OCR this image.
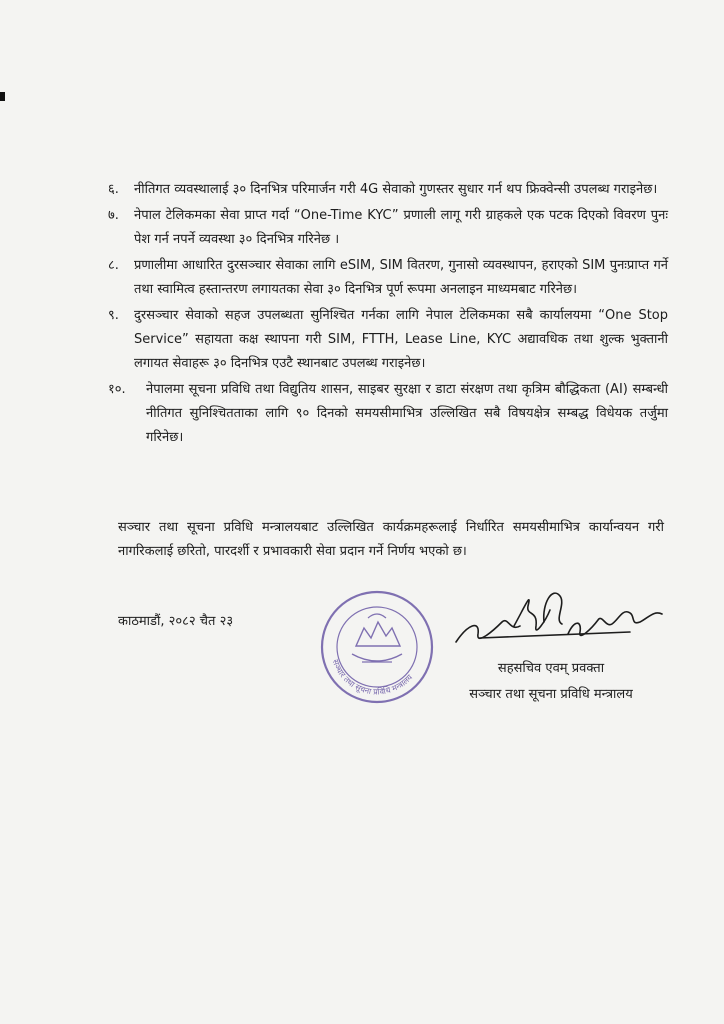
६. नीतिगत व्यवस्थालाई ३० दिनभित्र परिमार्जन गरी 4G सेवाको गुणस्तर सुधार गर्न थप फ्रिक्वेन्सी उपलब्ध गराइनेछ।
७. नेपाल टेलिकमका सेवा प्राप्त गर्दा “One-Time KYC” प्रणाली लागू गरी ग्राहकले एक पटक दिएको विवरण पुनः पेश गर्न नपर्ने व्यवस्था ३० दिनभित्र गरिनेछ ।
८. प्रणालीमा आधारित दुरसञ्चार सेवाका लागि eSIM, SIM वितरण, गुनासो व्यवस्थापन, हराएको SIM पुनःप्राप्त गर्ने तथा स्वामित्व हस्तान्तरण लगायतका सेवा ३० दिनभित्र पूर्ण रूपमा अनलाइन माध्यमबाट गरिनेछ।
९. दुरसञ्चार सेवाको सहज उपलब्धता सुनिश्चित गर्नका लागि नेपाल टेलिकमका सबै कार्यालयमा “One Stop Service” सहायता कक्ष स्थापना गरी SIM, FTTH, Lease Line, KYC अद्यावधिक तथा शुल्क भुक्तानी लगायत सेवाहरू ३० दिनभित्र एउटै स्थानबाट उपलब्ध गराइनेछ।
१०. नेपालमा सूचना प्रविधि तथा विद्युतिय शासन, साइबर सुरक्षा र डाटा संरक्षण तथा कृत्रिम बौद्धिकता (AI) सम्बन्धी नीतिगत सुनिश्चितताका लागि ९० दिनको समयसीमाभित्र उल्लिखित सबै विषयक्षेत्र सम्बद्ध विधेयक तर्जुमा गरिनेछ।

सञ्चार तथा सूचना प्रविधि मन्त्रालयबाट उल्लिखित कार्यक्रमहरूलाई निर्धारित समयसीमाभित्र कार्यान्वयन गरी नागरिकलाई छरितो, पारदर्शी र प्रभावकारी सेवा प्रदान गर्ने निर्णय भएको छ।

काठमाडौं, २०८२ चैत २३
सञ्चार तथा सूचना प्रविधि मन्त्रालय
सहसचिव एवम् प्रवक्ता
सञ्चार तथा सूचना प्रविधि मन्त्रालय
